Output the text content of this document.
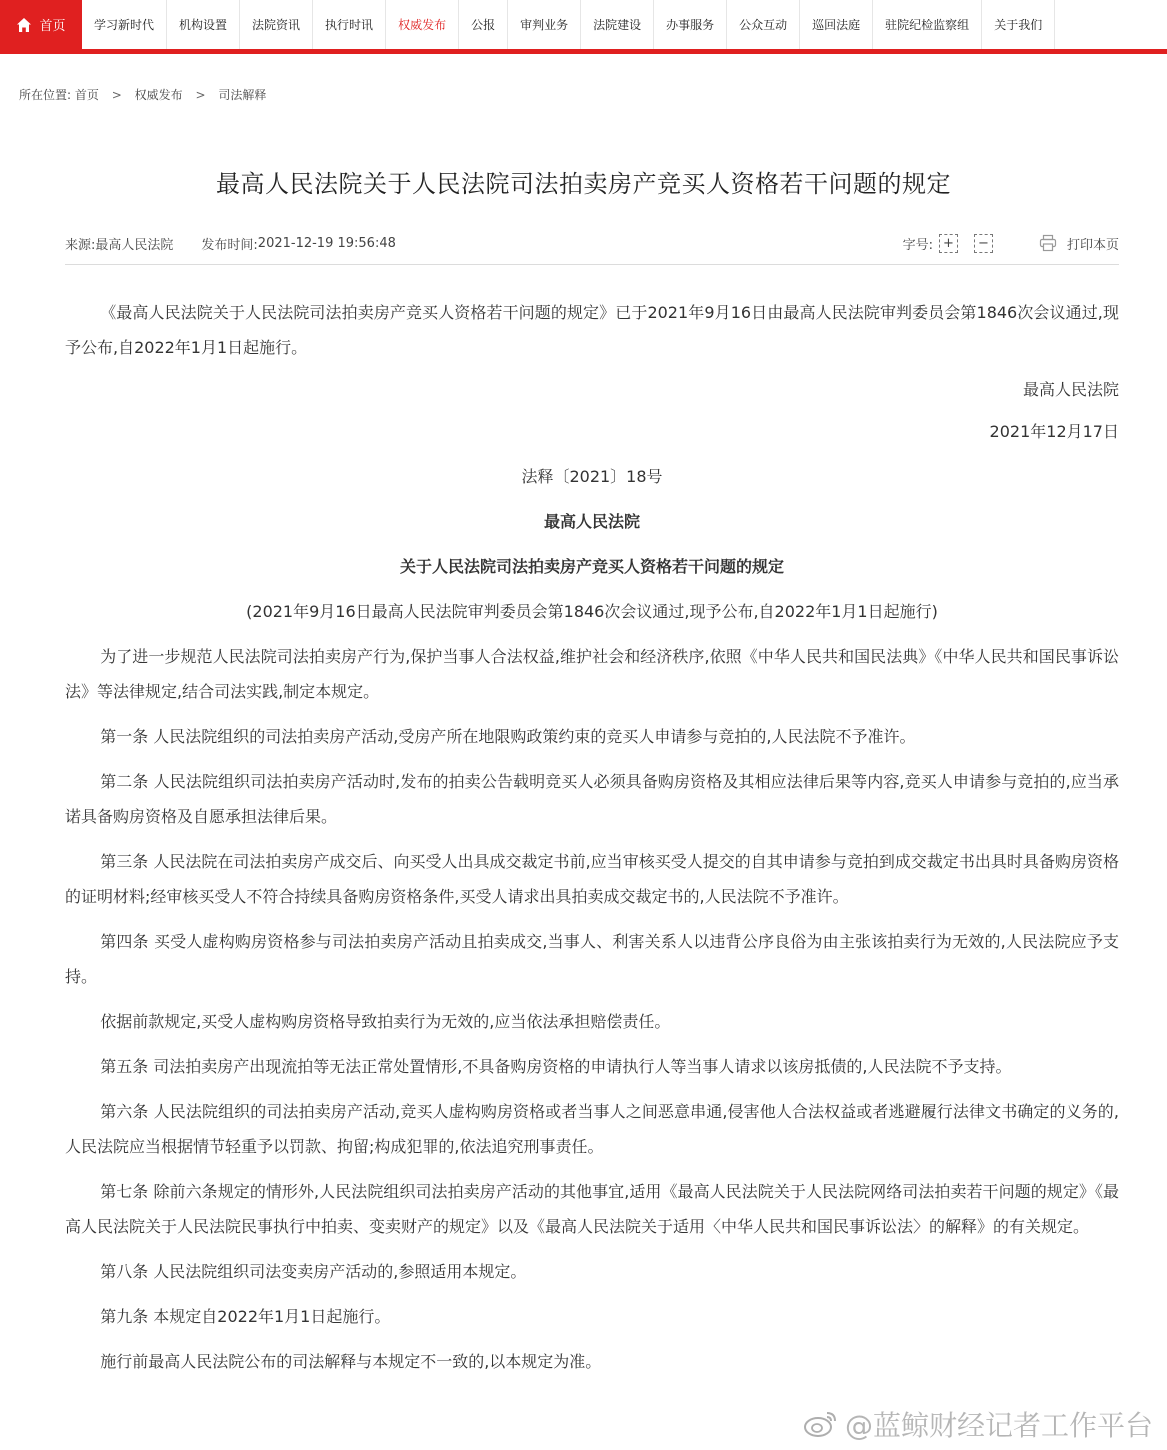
首页	学习新时代	机构设置	法院资讯	执行时讯	权威发布	公报	审判业务	法院建设	办事服务	公众互动	巡回法庭	驻院纪检监察组	关于我们
所在位置: 首页 > 权威发布 > 司法解释
最高人民法院关于人民法院司法拍卖房产竞买人资格若干问题的规定
来源: 最高人民法院 发布时间: 2021-12-19 19:56:48	字号: +	−	打印本页

《最高人民法院关于人民法院司法拍卖房产竞买人资格若干问题的规定》已于2021年9月16日由最高人民法院审判委员会第1846次会议通过,现予公布,自2022年1月1日起施行。

最高人民法院

2021年12月17日

法释〔2021〕18号

最高人民法院

关于人民法院司法拍卖房产竞买人资格若干问题的规定

(2021年9月16日最高人民法院审判委员会第1846次会议通过,现予公布,自2022年1月1日起施行)

为了进一步规范人民法院司法拍卖房产行为,保护当事人合法权益,维护社会和经济秩序,依照《中华人民共和国民法典》《中华人民共和国民事诉讼法》等法律规定,结合司法实践,制定本规定。

第一条 人民法院组织的司法拍卖房产活动,受房产所在地限购政策约束的竞买人申请参与竞拍的,人民法院不予准许。

第二条 人民法院组织司法拍卖房产活动时,发布的拍卖公告载明竞买人必须具备购房资格及其相应法律后果等内容,竞买人申请参与竞拍的,应当承诺具备购房资格及自愿承担法律后果。

第三条 人民法院在司法拍卖房产成交后、向买受人出具成交裁定书前,应当审核买受人提交的自其申请参与竞拍到成交裁定书出具时具备购房资格的证明材料;经审核买受人不符合持续具备购房资格条件,买受人请求出具拍卖成交裁定书的,人民法院不予准许。

第四条 买受人虚构购房资格参与司法拍卖房产活动且拍卖成交,当事人、利害关系人以违背公序良俗为由主张该拍卖行为无效的,人民法院应予支持。

依据前款规定,买受人虚构购房资格导致拍卖行为无效的,应当依法承担赔偿责任。

第五条 司法拍卖房产出现流拍等无法正常处置情形,不具备购房资格的申请执行人等当事人请求以该房抵债的,人民法院不予支持。

第六条 人民法院组织的司法拍卖房产活动,竞买人虚构购房资格或者当事人之间恶意串通,侵害他人合法权益或者逃避履行法律文书确定的义务的,人民法院应当根据情节轻重予以罚款、拘留;构成犯罪的,依法追究刑事责任。

第七条 除前六条规定的情形外,人民法院组织司法拍卖房产活动的其他事宜,适用《最高人民法院关于人民法院网络司法拍卖若干问题的规定》《最高人民法院关于人民法院民事执行中拍卖、变卖财产的规定》以及《最高人民法院关于适用〈中华人民共和国民事诉讼法〉的解释》的有关规定。

第八条 人民法院组织司法变卖房产活动的,参照适用本规定。

第九条 本规定自2022年1月1日起施行。

施行前最高人民法院公布的司法解释与本规定不一致的,以本规定为准。

@蓝鲸财经记者工作平台
